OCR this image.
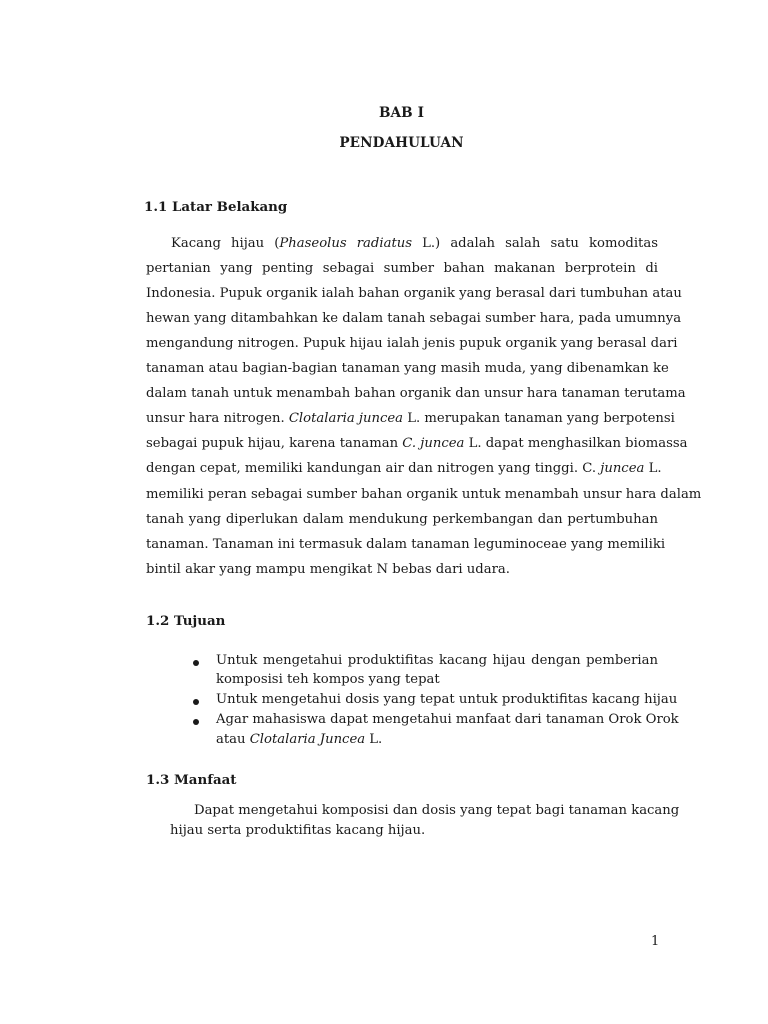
BAB I
PENDAHULUAN
1.1 Latar Belakang
Kacang hijau (Phaseolus radiatus L.) adalah salah satu komoditas
pertanian yang penting sebagai sumber bahan makanan berprotein di
Indonesia. Pupuk organik ialah bahan organik yang berasal dari tumbuhan atau
hewan yang ditambahkan ke dalam tanah sebagai sumber hara, pada umumnya
mengandung nitrogen. Pupuk hijau ialah jenis pupuk organik yang berasal dari
tanaman atau bagian-bagian tanaman yang masih muda, yang dibenamkan ke
dalam tanah untuk menambah bahan organik dan unsur hara tanaman terutama
unsur hara nitrogen. Clotalaria juncea L. merupakan tanaman yang berpotensi
sebagai pupuk hijau, karena tanaman C. juncea L. dapat menghasilkan biomassa
dengan cepat, memiliki kandungan air dan nitrogen yang tinggi. C. juncea L.
memiliki peran sebagai sumber bahan organik untuk menambah unsur hara dalam
tanah yang diperlukan dalam mendukung perkembangan dan pertumbuhan
tanaman. Tanaman ini termasuk dalam tanaman leguminoceae yang memiliki
bintil akar yang mampu mengikat N bebas dari udara.
1.2 Tujuan
Untuk mengetahui produktifitas kacang hijau dengan pemberian
komposisi teh kompos yang tepat
Untuk mengetahui dosis yang tepat untuk produktifitas kacang hijau
Agar mahasiswa dapat mengetahui manfaat dari tanaman Orok Orok
atau Clotalaria Juncea L.
1.3 Manfaat
Dapat mengetahui komposisi dan dosis yang tepat bagi tanaman kacang
hijau serta produktifitas kacang hijau.
1
